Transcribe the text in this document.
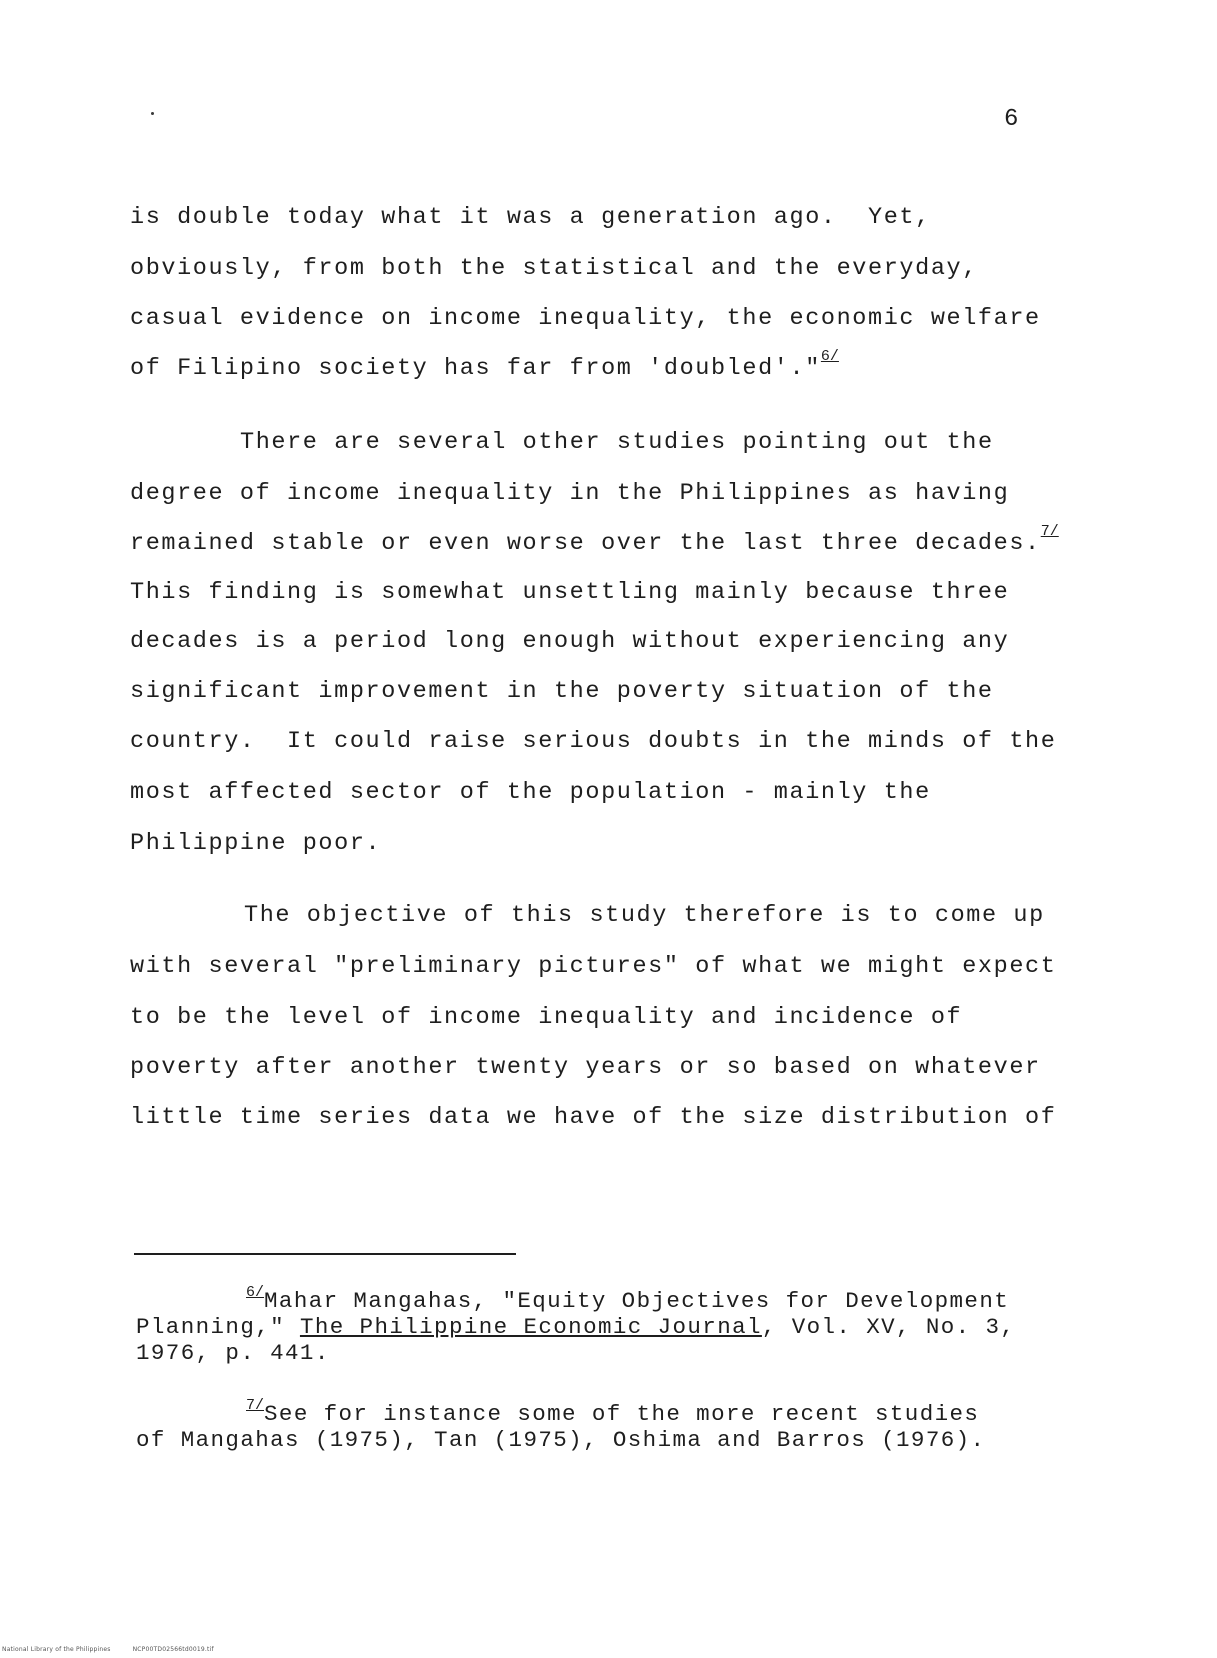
6
is double today what it was a generation ago.  Yet,
obviously, from both the statistical and the everyday,
casual evidence on income inequality, the economic welfare
of Filipino society has far from 'doubled'."$^{6/}$
There are several other studies pointing out the
degree of income inequality in the Philippines as having
remained stable or even worse over the last three decades.$^{7/}$
This finding is somewhat unsettling mainly because three
decades is a period long enough without experiencing any
significant improvement in the poverty situation of the
country.  It could raise serious doubts in the minds of the
most affected sector of the population - mainly the
Philippine poor.
The objective of this study therefore is to come up
with several "preliminary pictures" of what we might expect
to be the level of income inequality and incidence of
poverty after another twenty years or so based on whatever
little time series data we have of the size distribution of
$^{6/}$Mahar Mangahas, "Equity Objectives for Development
Planning," The Philippine Economic Journal, Vol. XV, No. 3,
1976, p. 441.
$^{7/}$See for instance some of the more recent studies
of Mangahas (1975), Tan (1975), Oshima and Barros (1976).
National Library of the Philippines	NCP00TD02566td0019.tif
